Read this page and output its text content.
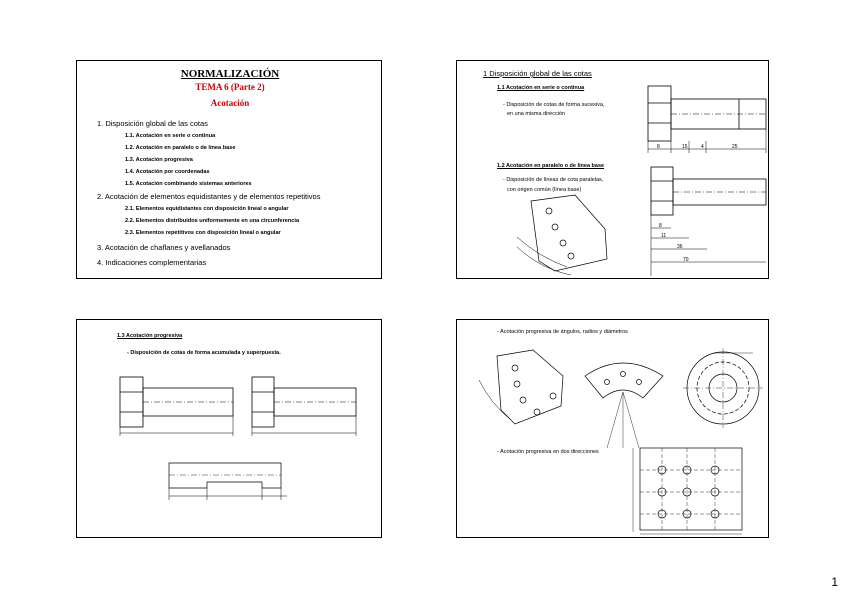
NORMALIZACIÓN
TEMA 6 (Parte 2)
Acotación
1. Disposición global de las cotas
1.1. Acotación en serie o continua
1.2. Acotación en paralelo o de línea base
1.3. Acotación progresiva
1.4. Acotación por coordenadas
1.5. Acotación combinando sistemas anteriores
2. Acotación de elementos equidistantes y de elementos repetitivos
2.1. Elementos equidistantes con disposición lineal o angular
2.2. Elementos distribuidos uniformemente en una circunferencia
2.3. Elementos repetitivos con disposición lineal o angular
3. Acotación de chaflanes y avellanados
4. Indicaciones complementarias
1 Disposición global de las cotas
1.1 Acotación en serie o continua
- Disposición de cotas de forma sucesiva,
en una misma dirección
1.2 Acotación en paralelo o de línea base
- Disposición de líneas de cota paralelas,
con origen común (línea base)
8	15	4	25
8
11
36
70
1.3 Acotación progresiva
- Disposición de cotas de forma acumulada y superpuesta.
- Acotación progresiva de ángulos, radios y diámetros
- Acotación progresiva en dos direcciones
1
